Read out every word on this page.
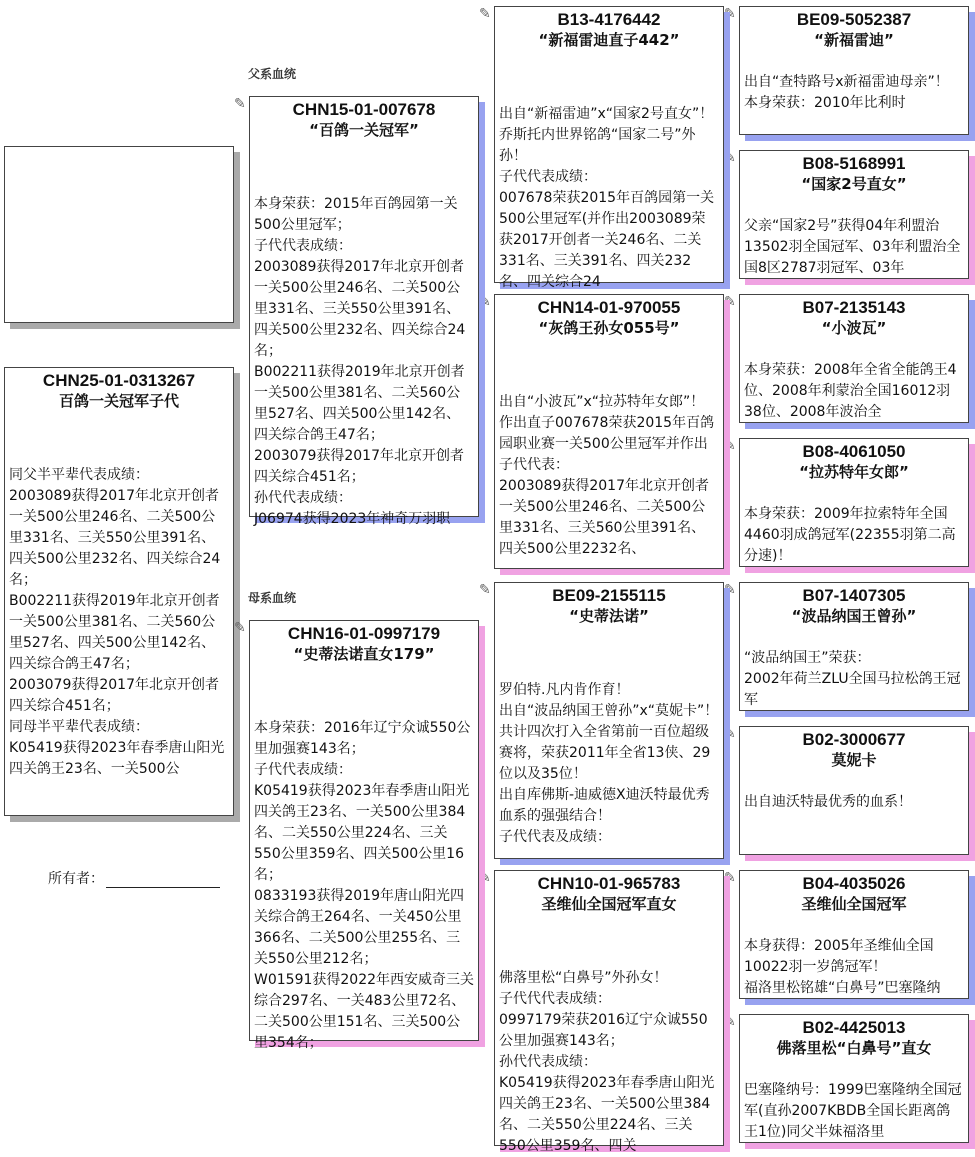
CHN25-01-0313267
百鸽一关冠军子代
同父半平辈代表成绩：
2003089获得2017年北京开创者一关500公里246名、二关500公里331名、三关550公里391名、四关500公里232名、四关综合24名；
B002211获得2019年北京开创者一关500公里381名、二关560公里527名、四关500公里142名、四关综合鸽王47名；
2003079获得2017年北京开创者四关综合451名；
同母半平辈代表成绩：
K05419获得2023年春季唐山阳光四关鸽王23名、一关500公
所有者：
父系血统
母系血统
✎
✎
✎
✎
✎
✎
✎
✎
✎
✎
✎
✎
✎
✎
CHN15-01-007678
“百鸽一关冠军”
本身荣获：2015年百鸽园第一关500公里冠军；
子代代表成绩：
2003089获得2017年北京开创者一关500公里246名、二关500公里331名、三关550公里391名、四关500公里232名、四关综合24名；
B002211获得2019年北京开创者一关500公里381名、二关560公里527名、四关500公里142名、四关综合鸽王47名；
2003079获得2017年北京开创者四关综合451名；
孙代代表成绩：
J06974获得2023年神奇万羽职
CHN16-01-0997179
“史蒂法诺直女179”
本身荣获：2016年辽宁众诚550公里加强赛143名；
子代代表成绩：
K05419获得2023年春季唐山阳光四关鸽王23名、一关500公里384名、二关550公里224名、三关550公里359名、四关500公里16名；
0833193获得2019年唐山阳光四关综合鸽王264名、一关450公里366名、二关500公里255名、三关550公里212名；
W01591获得2022年西安威奇三关综合297名、一关483公里72名、二关500公里151名、三关500公里354名；
B13-4176442
“新福雷迪直子442”
出自“新福雷迪”x“国家2号直女”！乔斯托内世界铭鸽“国家二号”外孙！
子代代表成绩：
007678荣获2015年百鸽园第一关500公里冠军(并作出2003089荣获2017开创者一关246名、二关331名、三关391名、四关232名、四关综合24
CHN14-01-970055
“灰鸽王孙女055号”
出自“小波瓦”x“拉苏特年女郎”！
作出直子007678荣获2015年百鸽园职业赛一关500公里冠军并作出子代代表：
2003089获得2017年北京开创者一关500公里246名、二关500公里331名、三关560公里391名、四关500公里2232名、
BE09-2155115
“史蒂法诺”
罗伯特.凡内肯作育！
出自“波品纳国王曾孙”x“莫妮卡”！
共计四次打入全省第前一百位超级赛将，荣获2011年全省13侠、29位以及35位！
出自库佛斯-迪威德X迪沃特最优秀血系的强强结合！
子代代表及成绩：
CHN10-01-965783
圣维仙全国冠军直女
佛落里松“白鼻号”外孙女！
子代代代表成绩：
0997179荣获2016辽宁众诚550公里加强赛143名；
孙代代表成绩：
K05419获得2023年春季唐山阳光四关鸽王23名、一关500公里384名、二关550公里224名、三关550公里359名、四关
BE09-5052387
“新福雷迪”
出自“查特路号x新福雷迪母亲”！
本身荣获：2010年比利时
B08-5168991
“国家2号直女”
父亲“国家2号”获得04年利盟治13502羽全国冠军、03年利盟治全国8区2787羽冠军、03年
B07-2135143
“小波瓦”
本身荣获：2008年全省全能鸽王4位、2008年利蒙治全国16012羽38位、2008年波治全
B08-4061050
“拉苏特年女郎”
本身荣获：2009年拉索特年全国4460羽成鸽冠军(22355羽第二高分速)！
B07-1407305
“波品纳国王曾孙”
“波品纳国王”荣获：
2002年荷兰ZLU全国马拉松鸽王冠军
B02-3000677
莫妮卡
出自迪沃特最优秀的血系！
B04-4035026
圣维仙全国冠军
本身获得：2005年圣维仙全国10022羽一岁鸽冠军！
福洛里松铭雄“白鼻号”巴塞隆纳
B02-4425013
佛落里松“白鼻号”直女
巴塞隆纳号：1999巴塞隆纳全国冠军(直孙2007KBDB全国长距离鸽王1位)同父半妹福洛里
